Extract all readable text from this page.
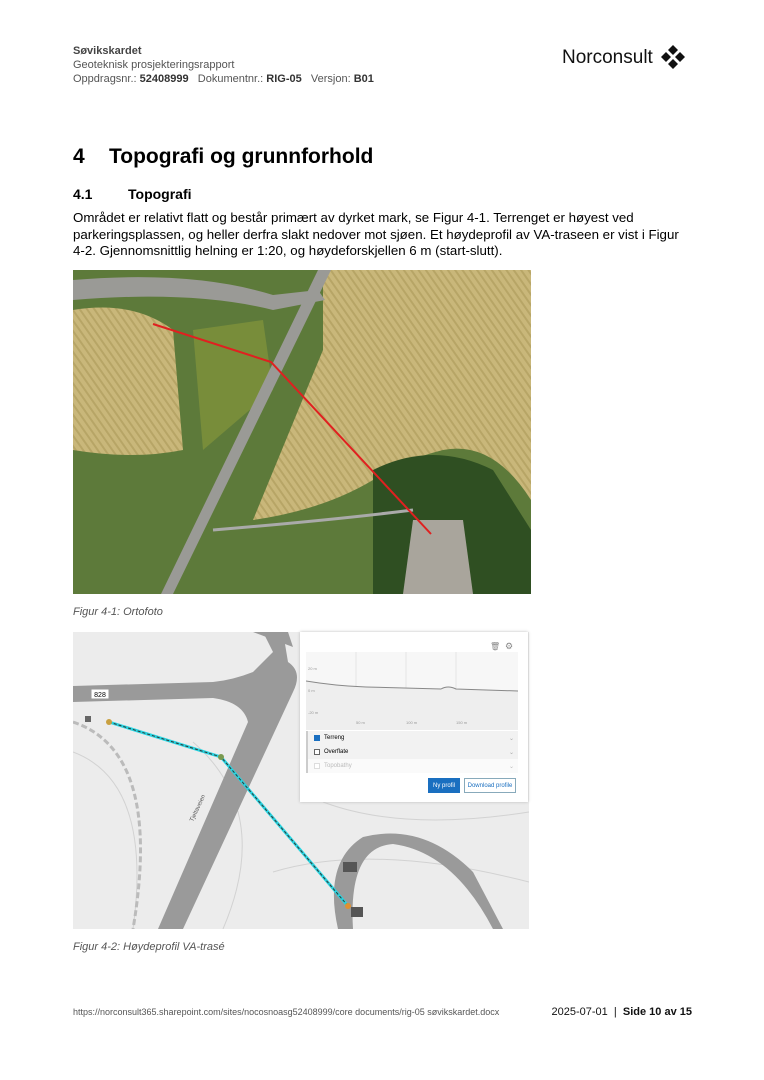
Søvikskardet
Geoteknisk prosjekteringsrapport
Oppdragsnr.: 52408999 Dokumentnr.: RIG-05 Versjon: B01
Norconsult
4 Topografi og grunnforhold
4.1	Topografi

Området er relativt flatt og består primært av dyrket mark, se Figur 4-1. Terrenget er høyest ved parkeringsplassen, og heller derfra slakt nedover mot sjøen. Et høydeprofil av VA-traseen er vist i Figur 4-2. Gjennomsnittlig helning er 1:20, og høydeforskjellen 6 m (start-slutt).

Figur 4-1: Ortofoto
828
Tjeltaveien
🗑 ⚙
20 m
0 m
-20 m
50 m	100 m	150 m
Terreng	⌄
Overflate	⌄
Topobathy	⌄
Ny profil	Download profile
Figur 4-2: Høydeprofil VA-trasé
https://norconsult365.sharepoint.com/sites/nocosnoasg52408999/core documents/rig-05 søvikskardet.docx	2025-07-01 | Side 10 av 15
